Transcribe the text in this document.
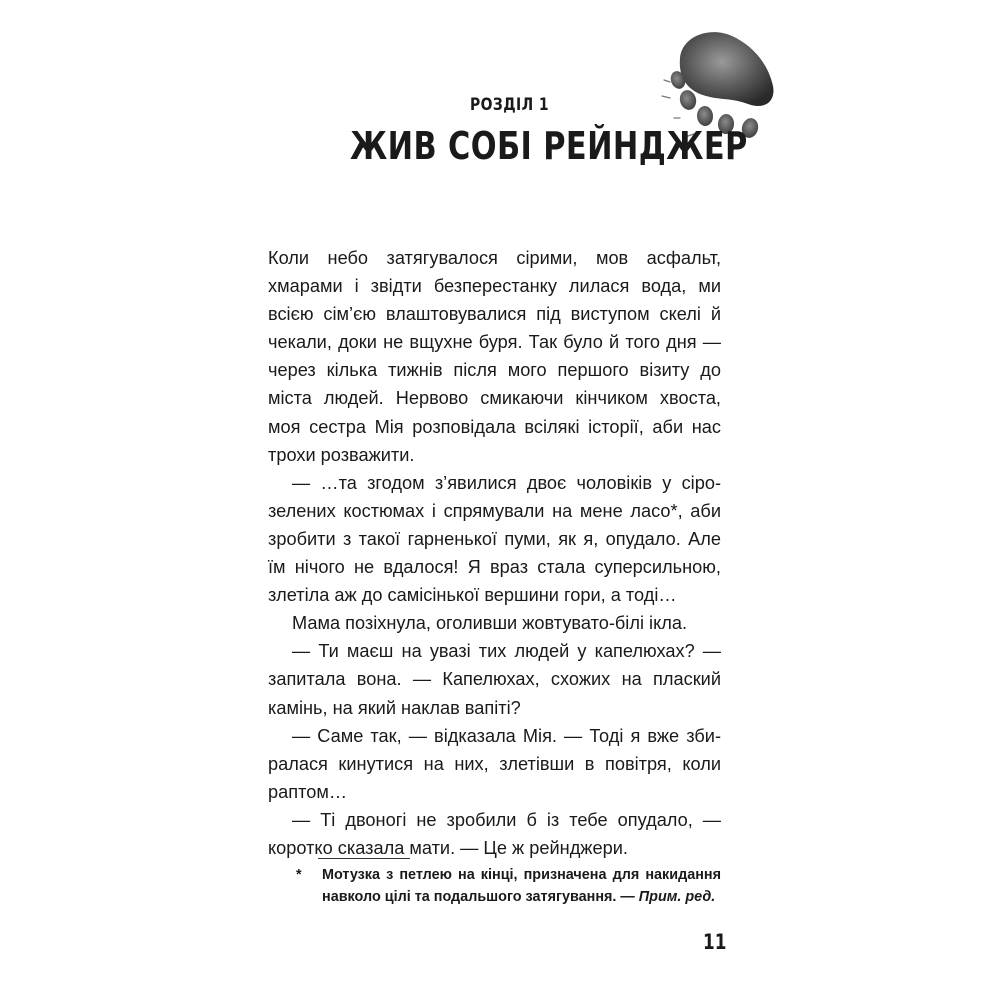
РОЗДІЛ 1
ЖИВ СОБІ РЕЙНДЖЕР

Коли небо затягувалося сірими, мов асфальт, хмарами і звідти безперестанку лилася вода, ми всією сім’єю влаштовувалися під виступом скелі й чекали, доки не вщухне буря. Так було й того дня — через кілька тижнів після мого першого візиту до міста людей. Нервово смикаючи кінчиком хвоста, моя сестра Мія розповідала всілякі історії, аби нас трохи розважити.

— …та згодом з’явилися двоє чоловіків у сірозелених костюмах і спрямували на мене ласо*, аби зробити з такої гарненької пуми, як я, опудало. Але їм нічого не вдалося! Я враз стала суперсильною, злетіла аж до самісінької вершини гори, а тоді…

Мама позіхнула, оголивши жовтувато-білі ікла.

— Ти маєш на увазі тих людей у капелюхах? — запитала вона. — Капелюхах, схожих на плаский камінь, на який наклав вапіті?

— Саме так, — відказала Мія. — Тоді я вже збиралася кинутися на них, злетівши в повітря, коли раптом…

— Ті двоногі не зробили б із тебе опудало, — коротко сказала мати. — Це ж рейнджери.

*	Мотузка з петлею на кінці, призначена для накидання навколо цілі та подальшого затягування. — Прим. ред.
11
